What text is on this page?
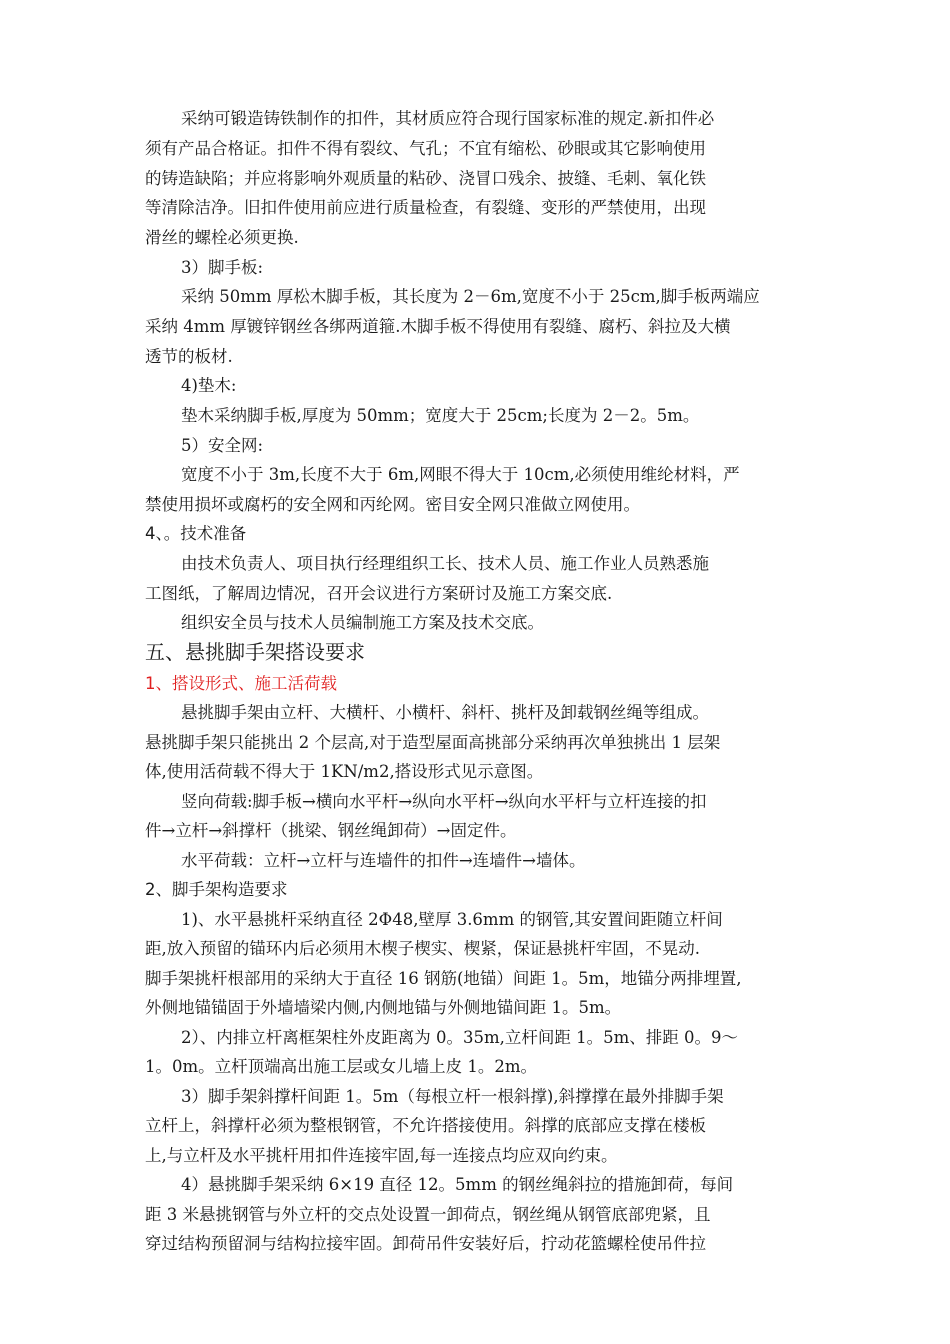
采纳可锻造铸铁制作的扣件，其材质应符合现行国家标准的规定.新扣件必
须有产品合格证。扣件不得有裂纹、气孔；不宜有缩松、砂眼或其它影响使用
的铸造缺陷；并应将影响外观质量的粘砂、浇冒口残余、披缝、毛刺、氧化铁
等清除洁净。旧扣件使用前应进行质量检查，有裂缝、变形的严禁使用，出现
滑丝的螺栓必须更换.
3）脚手板:
采纳 50mm 厚松木脚手板，其长度为 2－6m,宽度不小于 25cm,脚手板两端应
采纳 4mm 厚镀锌钢丝各绑两道箍.木脚手板不得使用有裂缝、腐朽、斜拉及大横
透节的板材.
4)垫木:
垫木采纳脚手板,厚度为 50mm；宽度大于 25cm;长度为 2－2。5m。
5）安全网:
宽度不小于 3m,长度不大于 6m,网眼不得大于 10cm,必须使用维纶材料，严
禁使用损坏或腐朽的安全网和丙纶网。密目安全网只准做立网使用。
4、。技术准备
由技术负责人、项目执行经理组织工长、技术人员、施工作业人员熟悉施
工图纸，了解周边情况，召开会议进行方案研讨及施工方案交底.
组织安全员与技术人员编制施工方案及技术交底。
五、悬挑脚手架搭设要求
1、搭设形式、施工活荷载
悬挑脚手架由立杆、大横杆、小横杆、斜杆、挑杆及卸载钢丝绳等组成。
悬挑脚手架只能挑出 2 个层高,对于造型屋面高挑部分采纳再次单独挑出 1 层架
体,使用活荷载不得大于 1KN/m2,搭设形式见示意图。
竖向荷载:脚手板→横向水平杆→纵向水平杆→纵向水平杆与立杆连接的扣
件→立杆→斜撑杆（挑梁、钢丝绳卸荷）→固定件。
水平荷载：立杆→立杆与连墙件的扣件→连墙件→墙体。
2、脚手架构造要求
1)、水平悬挑杆采纳直径 2Φ48,壁厚 3.6mm 的钢管,其安置间距随立杆间
距,放入预留的锚环内后必须用木楔子楔实、楔紧，保证悬挑杆牢固，不晃动.
脚手架挑杆根部用的采纳大于直径 16 钢筋(地锚）间距 1。5m，地锚分两排埋置,
外侧地锚锚固于外墙墙梁内侧,内侧地锚与外侧地锚间距 1。5m。
2）、内排立杆离框架柱外皮距离为 0。35m,立杆间距 1。5m、排距 0。9～
1。0m。立杆顶端高出施工层或女儿墙上皮 1。2m。
3）脚手架斜撑杆间距 1。5m（每根立杆一根斜撑),斜撑撑在最外排脚手架
立杆上，斜撑杆必须为整根钢管，不允许搭接使用。斜撑的底部应支撑在楼板
上,与立杆及水平挑杆用扣件连接牢固,每一连接点均应双向约束。
4）悬挑脚手架采纳 6×19 直径 12。5mm 的钢丝绳斜拉的措施卸荷，每间
距 3 米悬挑钢管与外立杆的交点处设置一卸荷点，钢丝绳从钢管底部兜紧，且
穿过结构预留洞与结构拉接牢固。卸荷吊件安装好后，拧动花篮螺栓使吊件拉
